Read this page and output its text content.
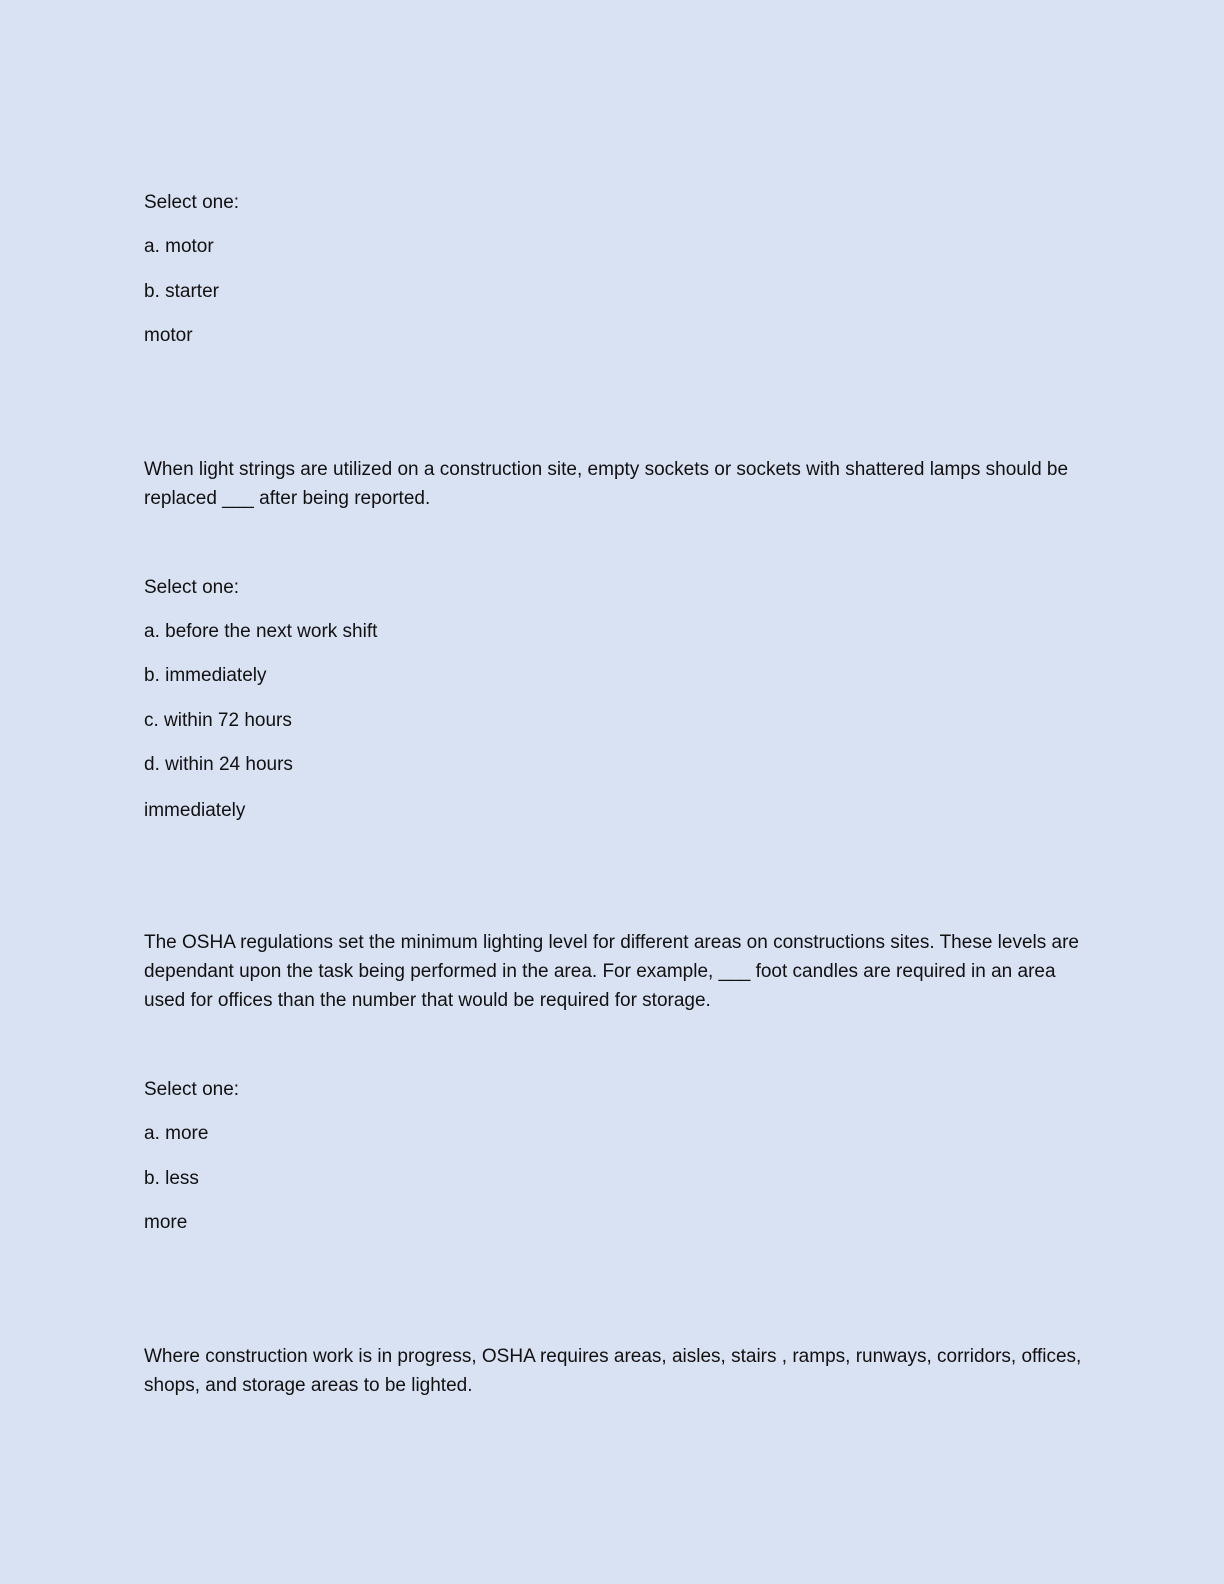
Select one:

a. motor

b. starter

motor

When light strings are utilized on a construction site, empty sockets or sockets with shattered lamps should be replaced ___ after being reported.

Select one:

a. before the next work shift

b. immediately

c. within 72 hours

d. within 24 hours

immediately

The OSHA regulations set the minimum lighting level for different areas on constructions sites. These levels are dependant upon the task being performed in the area. For example, ___ foot candles are required in an area used for offices than the number that would be required for storage.

Select one:

a. more

b. less

more

Where construction work is in progress, OSHA requires areas, aisles, stairs , ramps, runways, corridors, offices, shops, and storage areas to be lighted.
